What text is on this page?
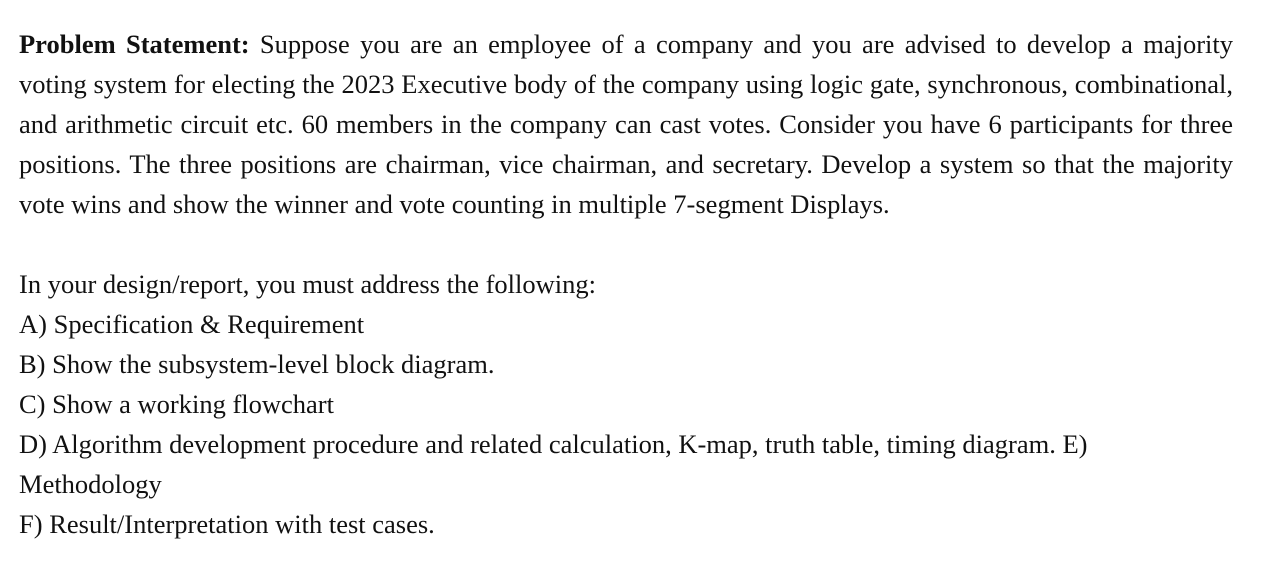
Problem Statement: Suppose you are an employee of a company and you are advised to develop a majority voting system for electing the 2023 Executive body of the company using logic gate, synchronous, combinational, and arithmetic circuit etc. 60 members in the company can cast votes. Consider you have 6 participants for three positions. The three positions are chairman, vice chairman, and secretary. Develop a system so that the majority vote wins and show the winner and vote counting in multiple 7-segment Displays.

In your design/report, you must address the following:

A) Specification & Requirement
B) Show the subsystem-level block diagram.
C) Show a working flowchart
D) Algorithm development procedure and related calculation, K-map, truth table, timing diagram. E) Methodology
F) Result/Interpretation with test cases.
